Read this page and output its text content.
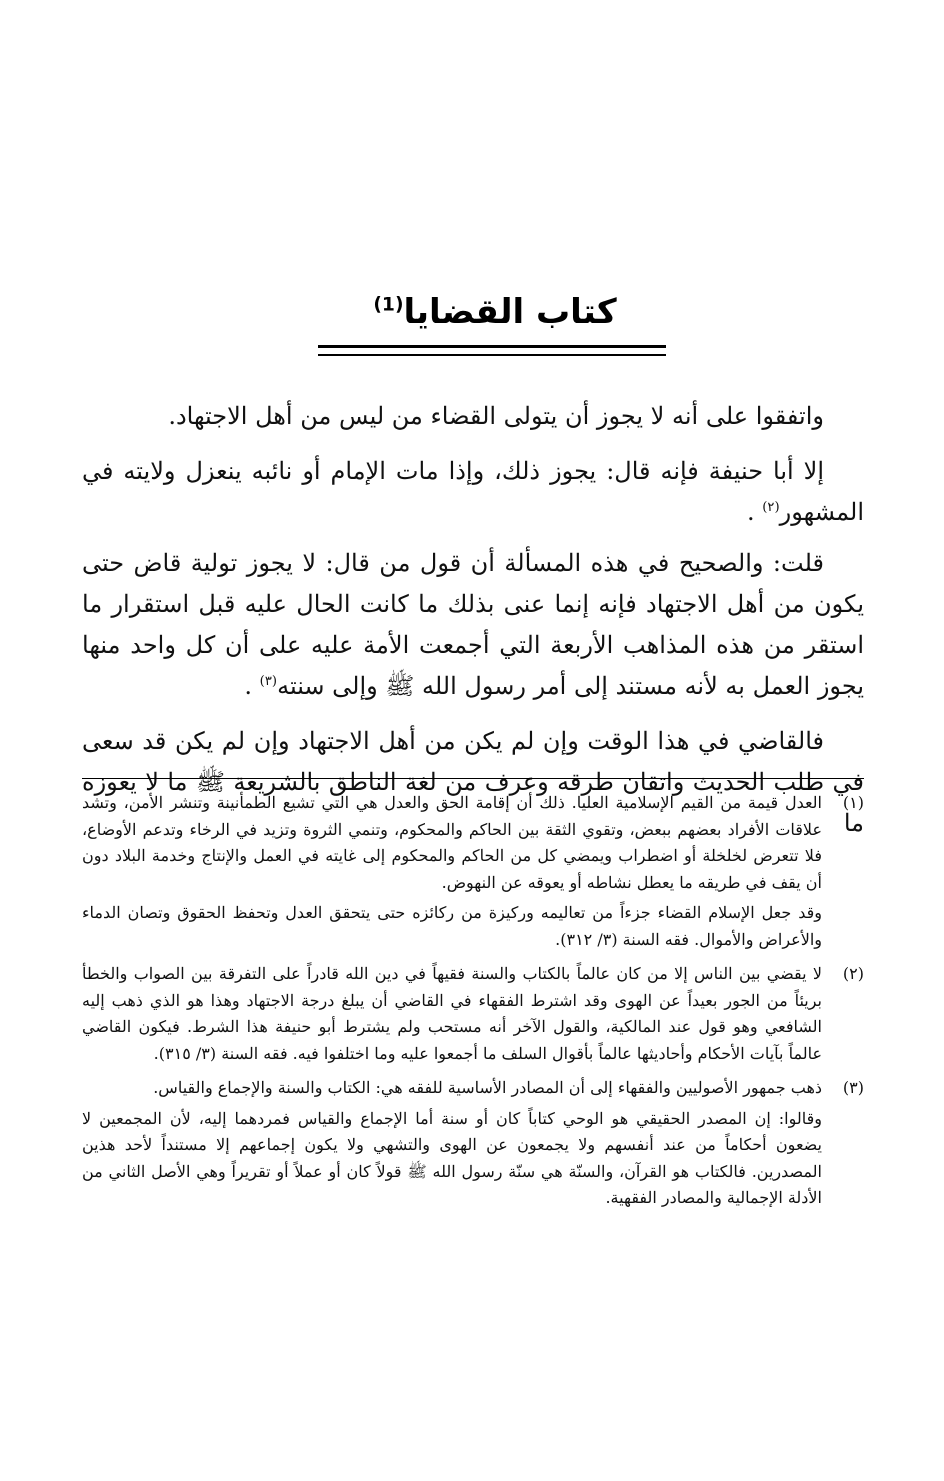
كتاب القضايا$^{(1)}$

واتفقوا على أنه لا يجوز أن يتولى القضاء من ليس من أهل الاجتهاد.

إلا أبا حنيفة فإنه قال: يجوز ذلك، وإذا مات الإمام أو نائبه ينعزل ولايته في المشهور$^{(٢)}$ .

قلت: والصحيح في هذه المسألة أن قول من قال: لا يجوز تولية قاض حتى يكون من أهل الاجتهاد فإنه إنما عنى بذلك ما كانت الحال عليه قبل استقرار ما استقر من هذه المذاهب الأربعة التي أجمعت الأمة عليه على أن كل واحد منها يجوز العمل به لأنه مستند إلى أمر رسول الله ﷺ وإلى سنته$^{(٣)}$ .

فالقاضي في هذا الوقت وإن لم يكن من أهل الاجتهاد وإن لم يكن قد سعى في طلب الحديث واتقان طرقه وعرف من لغة الناطق بالشريعة ﷺ ما لا يعوزه ما

(١)

العدل قيمة من القيم الإسلامية العليا. ذلك أن إقامة الحق والعدل هي التي تشيع الطمأنينة وتنشر الأمن، وتشد علاقات الأفراد بعضهم ببعض، وتقوي الثقة بين الحاكم والمحكوم، وتنمي الثروة وتزيد في الرخاء وتدعم الأوضاع، فلا تتعرض لخلخلة أو اضطراب ويمضي كل من الحاكم والمحكوم إلى غايته في العمل والإنتاج وخدمة البلاد دون أن يقف في طريقه ما يعطل نشاطه أو يعوقه عن النهوض.

وقد جعل الإسلام القضاء جزءاً من تعاليمه وركيزة من ركائزه حتى يتحقق العدل وتحفظ الحقوق وتصان الدماء والأعراض والأموال. فقه السنة (٣/ ٣١٢).

(٢)

لا يقضي بين الناس إلا من كان عالماً بالكتاب والسنة فقيهاً في دين الله قادراً على التفرقة بين الصواب والخطأ بريئاً من الجور بعيداً عن الهوى وقد اشترط الفقهاء في القاضي أن يبلغ درجة الاجتهاد وهذا هو الذي ذهب إليه الشافعي وهو قول عند المالكية، والقول الآخر أنه مستحب ولم يشترط أبو حنيفة هذا الشرط. فيكون القاضي عالماً بآيات الأحكام وأحاديثها عالماً بأقوال السلف ما أجمعوا عليه وما اختلفوا فيه. فقه السنة (٣/ ٣١٥).

(٣)

ذهب جمهور الأصوليين والفقهاء إلى أن المصادر الأساسية للفقه هي: الكتاب والسنة والإجماع والقياس.

وقالوا: إن المصدر الحقيقي هو الوحي كتاباً كان أو سنة أما الإجماع والقياس فمردهما إليه، لأن المجمعين لا يضعون أحكاماً من عند أنفسهم ولا يجمعون عن الهوى والتشهي ولا يكون إجماعهم إلا مستنداً لأحد هذين المصدرين. فالكتاب هو القرآن، والسنّة هي سنّة رسول الله ﷺ قولاً كان أو عملاً أو تقريراً وهي الأصل الثاني من الأدلة الإجمالية والمصادر الفقهية.
